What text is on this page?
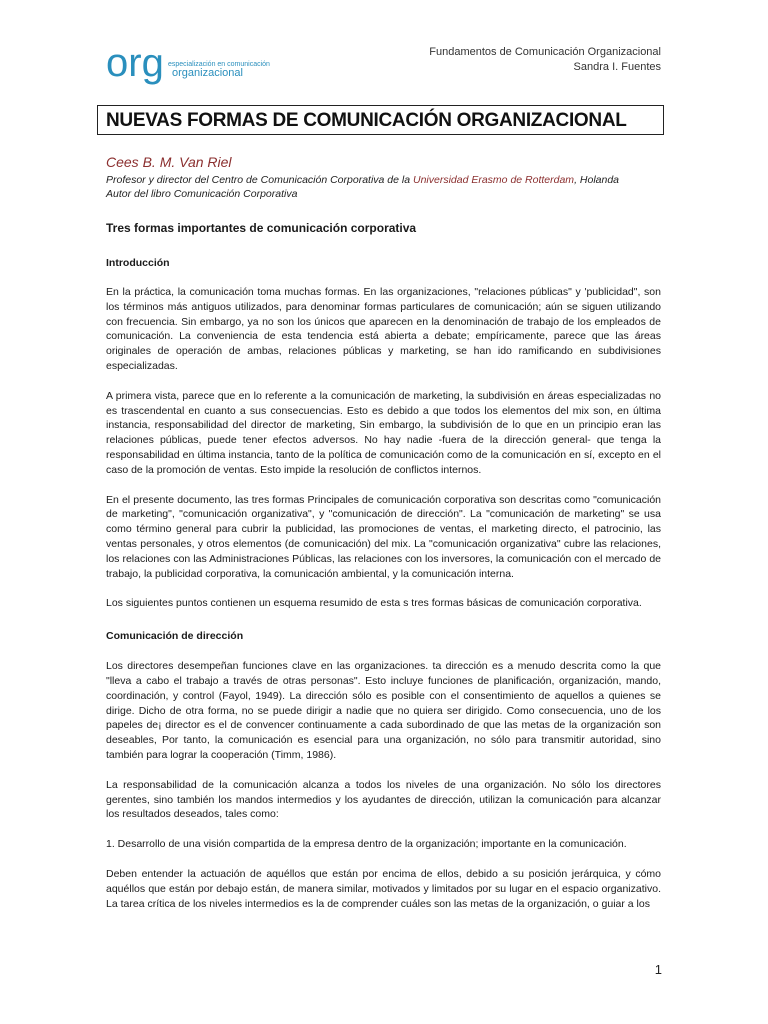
org especialización en comunicación
organizacional
Fundamentos de Comunicación Organizacional
Sandra I. Fuentes
NUEVAS FORMAS DE COMUNICACIÓN ORGANIZACIONAL
Cees B. M. Van Riel
Profesor y director del Centro de Comunicación Corporativa de la Universidad Erasmo de Rotterdam, Holanda
Autor del libro Comunicación Corporativa
Tres formas importantes de comunicación corporativa
Introducción

En la práctica, la comunicación toma muchas formas. En las organizaciones, "relaciones públicas" y 'publicidad", son los términos más antiguos utilizados, para denominar formas particulares de comunicación; aún se siguen utilizando con frecuencia. Sin embargo, ya no son los únicos que aparecen en la denominación de trabajo de los empleados de comunicación. La conveniencia de esta tendencia está abierta a debate; empíricamente, parece que las áreas originales de operación de ambas, relaciones públicas y marketing, se han ido ramificando en subdivisiones especializadas.

A primera vista, parece que en lo referente a la comunicación de marketing, la subdivisión en áreas especializadas no es trascendental en cuanto a sus consecuencias. Esto es debido a que todos los elementos del mix son, en última instancia, responsabilidad del director de marketing, Sin embargo, la subdivisión de lo que en un principio eran las relaciones públicas, puede tener efectos adversos. No hay nadie -fuera de la dirección general- que tenga la responsabilidad en última instancia, tanto de la política de comunicación como de la comunicación en sí, excepto en el caso de la promoción de ventas. Esto impide la resolución de conflictos internos.

En el presente documento, las tres formas Principales de comunicación corporativa son descritas como "comunicación de marketing", "comunicación organizativa", y "comunicación de dirección". La "comunicación de marketing" se usa como término general para cubrir la publicidad, las promociones de ventas, el marketing directo, el patrocinio, las ventas personales, y otros elementos (de comunicación) del mix. La "comunicación organizativa" cubre las relaciones, los relaciones con las Administraciones Públicas, las relaciones con los inversores, la comunicación con el mercado de trabajo, la publicidad corporativa, la comunicación ambiental, y la comunicación interna.

Los siguientes puntos contienen un esquema resumido de esta s tres formas básicas de comunicación corporativa.

Comunicación de dirección

Los directores desempeñan funciones clave en las organizaciones. ta dirección es a menudo descrita como la que "lleva a cabo el trabajo a través de otras personas". Esto incluye funciones de planificación, organización, mando, coordinación, y control (Fayol, 1949). La dirección sólo es posible con el consentimiento de aquellos a quienes se dirige. Dicho de otra forma, no se puede dirigir a nadie que no quiera ser dirigido. Como consecuencia, uno de los papeles de¡ director es el de convencer continuamente a cada subordinado de que las metas de la organización son deseables, Por tanto, la comunicación es esencial para una organización, no sólo para transmitir autoridad, sino también para lograr la cooperación (Timm, 1986).

La responsabilidad de la comunicación alcanza a todos los niveles de una organización. No sólo los directores gerentes, sino también los mandos intermedios y los ayudantes de dirección, utilizan la comunicación para alcanzar los resultados deseados, tales como:

1. Desarrollo de una visión compartida de la empresa dentro de la organización; importante en la comunicación.

Deben entender la actuación de aquéllos que están por encima de ellos, debido a su posición jerárquica, y cómo aquéllos que están por debajo están, de manera similar, motivados y limitados por su lugar en el espacio organizativo. La tarea crítica de los niveles intermedios es la de comprender cuáles son las metas de la organización, o guiar a los

1
